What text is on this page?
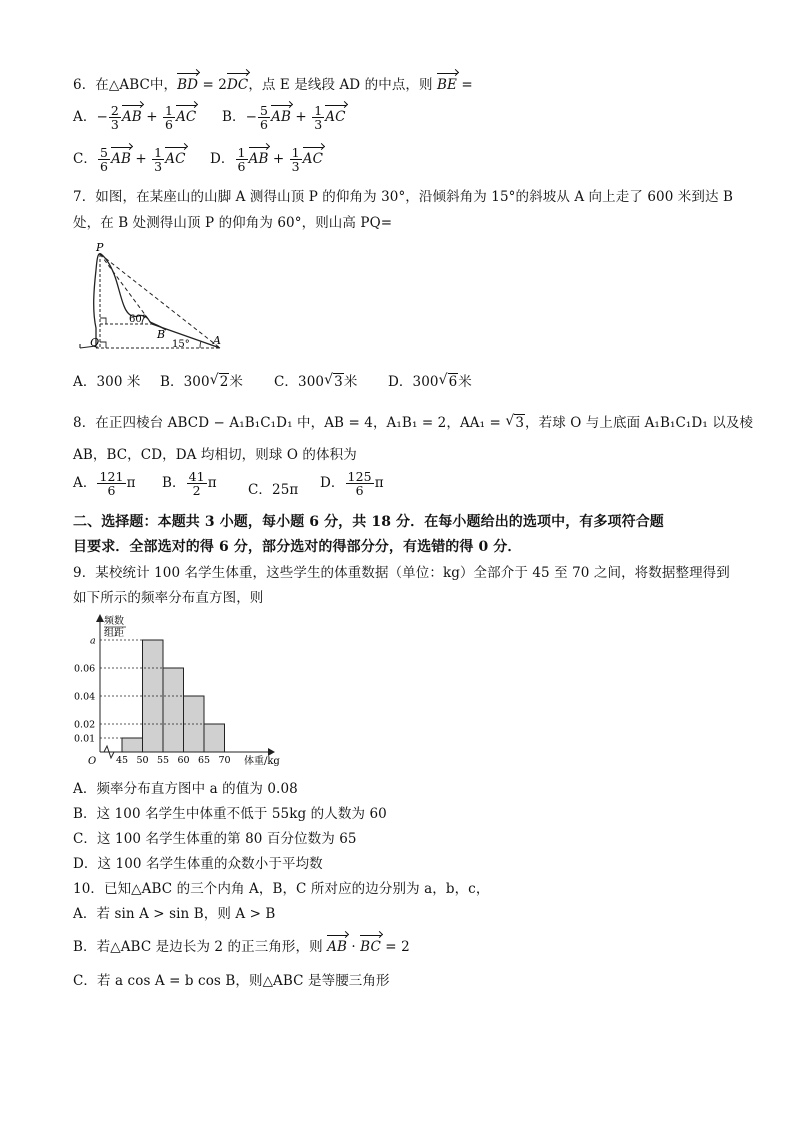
6．在△ABC中，BD = 2DC，点 E 是线段 AD 的中点，则 BE =
A．− $\frac{2}{3}$ AB + $\frac{1}{6}$ AC B．− $\frac{5}{6}$ AB + $\frac{1}{3}$ AC
C． $\frac{5}{6}$ AB + $\frac{1}{3}$ AC D． $\frac{1}{6}$ AB + $\frac{1}{3}$ AC
7．如图，在某座山的山脚 A 测得山顶 P 的仰角为 30°，沿倾斜角为 15°的斜坡从 A 向上走了 600 米到达 B
处，在 B 处测得山顶 P 的仰角为 60°，则山高 PQ=
P
Q
B	A
60°
15°
A．300 米 B．300 √ 2米 C．300 √ 3米 D．300 √ 6米
8．在正四棱台 ABCD − A₁B₁C₁D₁ 中，AB = 4，A₁B₁ = 2，AA₁ = √ 3，若球 O 与上底面 A₁B₁C₁D₁ 以及棱
AB，BC，CD，DA 均相切，则球 O 的体积为
A． $\frac{121}{6}$ π B． $\frac{41}{2}$ π C．25π D． $\frac{125}{6}$ π
二、选择题：本题共 3 小题，每小题 6 分，共 18 分．在每小题给出的选项中，有多项符合题
目要求．全部选对的得 6 分，部分选对的得部分分，有选错的得 0 分．
9．某校统计 100 名学生体重，这些学生的体重数据（单位：kg）全部介于 45 至 70 之间，将数据整理得到
如下所示的频率分布直方图，则
频数
组距
O
a
0.06
0.04
0.02
0.01
45 50 55 60 65 70 体重/kg
A．频率分布直方图中 a 的值为 0.08
B．这 100 名学生中体重不低于 55kg 的人数为 60
C．这 100 名学生体重的第 80 百分位数为 65
D．这 100 名学生体重的众数小于平均数
10．已知△ABC 的三个内角 A，B，C 所对应的边分别为 a，b，c，
A．若 sin A > sin B，则 A > B
B．若△ABC 是边长为 2 的正三角形，则 AB · BC = 2
C．若 a cos A = b cos B，则△ABC 是等腰三角形
